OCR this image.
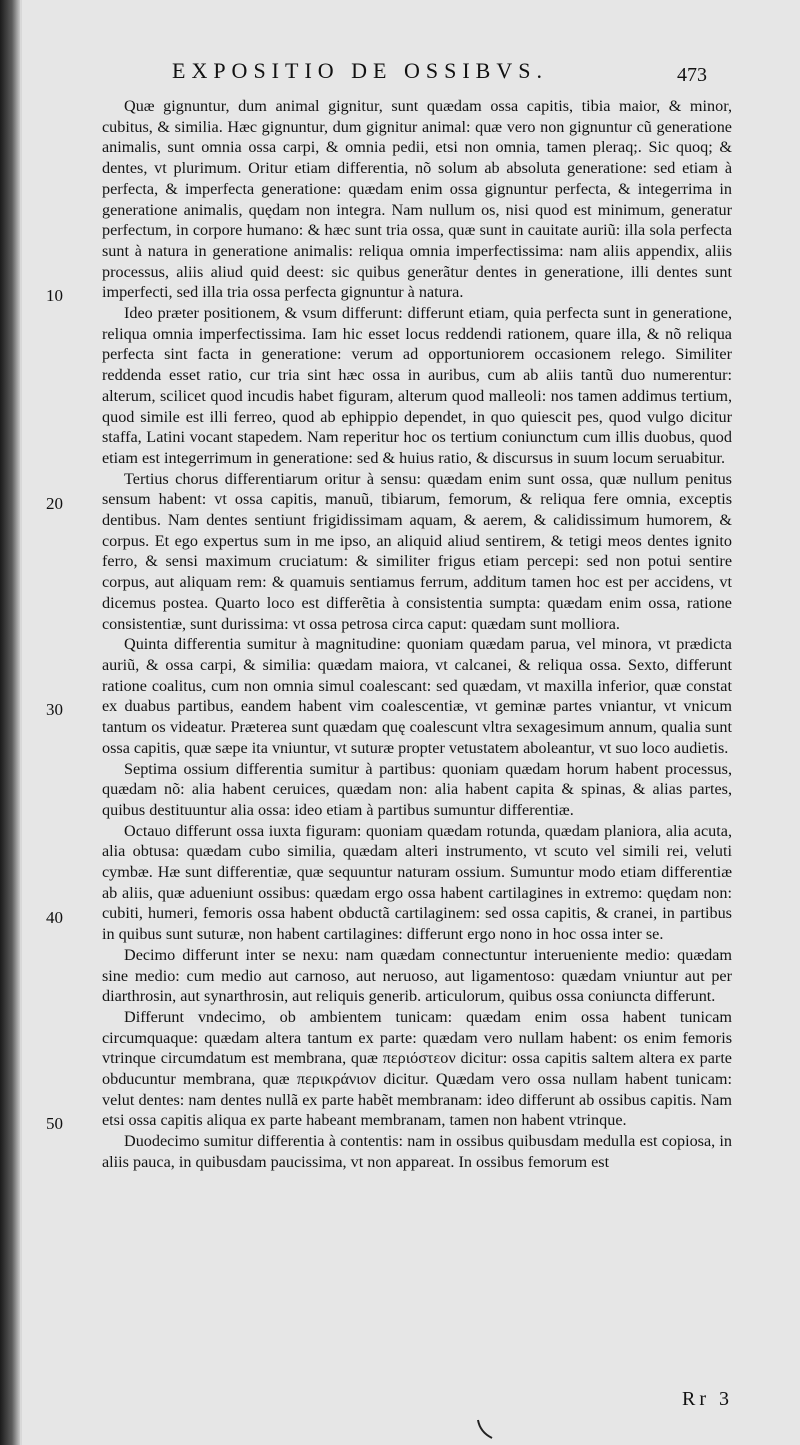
EXPOSITIO DE OSSIBVS.	473
10
20
30
40
50

Quæ gignuntur, dum animal gignitur, sunt quædam ossa capitis, tibia maior, & minor, cubitus, & similia. Hæc gignuntur, dum gignitur animal: quæ vero non gignuntur cũ generatione animalis, sunt omnia ossa carpi, & omnia pedii, etsi non omnia, tamen pleraq;. Sic quoq; & dentes, vt plurimum. Oritur etiam differentia, nõ solum ab absoluta generatione: sed etiam à perfecta, & imperfecta generatione: quædam enim ossa gignuntur perfecta, & integerrima in generatione animalis, quędam non integra. Nam nullum os, nisi quod est minimum, generatur perfectum, in corpore humano: & hæc sunt tria ossa, quæ sunt in cauitate auriũ: illa sola perfecta sunt à natura in generatione animalis: reliqua omnia imperfectissima: nam aliis appendix, aliis processus, aliis aliud quid deest: sic quibus generãtur dentes in generatione, illi dentes sunt imperfecti, sed illa tria ossa perfecta gignuntur à natura.

Ideo præter positionem, & vsum differunt: differunt etiam, quia perfecta sunt in generatione, reliqua omnia imperfectissima. Iam hic esset locus reddendi rationem, quare illa, & nõ reliqua perfecta sint facta in generatione: verum ad opportuniorem occasionem relego. Similiter reddenda esset ratio, cur tria sint hæc ossa in auribus, cum ab aliis tantũ duo numerentur: alterum, scilicet quod incudis habet figuram, alterum quod malleoli: nos tamen addimus tertium, quod simile est illi ferreo, quod ab ephippio dependet, in quo quiescit pes, quod vulgo dicitur staffa, Latini vocant stapedem. Nam reperitur hoc os tertium coniunctum cum illis duobus, quod etiam est integerrimum in generatione: sed & huius ratio, & discursus in suum locum seruabitur.

Tertius chorus differentiarum oritur à sensu: quædam enim sunt ossa, quæ nullum penitus sensum habent: vt ossa capitis, manuũ, tibiarum, femorum, & reliqua fere omnia, exceptis dentibus. Nam dentes sentiunt frigidissimam aquam, & aerem, & calidissimum humorem, & corpus. Et ego expertus sum in me ipso, an aliquid aliud sentirem, & tetigi meos dentes ignito ferro, & sensi maximum cruciatum: & similiter frigus etiam percepi: sed non potui sentire corpus, aut aliquam rem: & quamuis sentiamus ferrum, additum tamen hoc est per accidens, vt dicemus postea. Quarto loco est differẽtia à consistentia sumpta: quædam enim ossa, ratione consistentiæ, sunt durissima: vt ossa petrosa circa caput: quædam sunt molliora.

Quinta differentia sumitur à magnitudine: quoniam quædam parua, vel minora, vt prædicta auriũ, & ossa carpi, & similia: quædam maiora, vt calcanei, & reliqua ossa. Sexto, differunt ratione coalitus, cum non omnia simul coalescant: sed quædam, vt maxilla inferior, quæ constat ex duabus partibus, eandem habent vim coalescentiæ, vt geminæ partes vniantur, vt vnicum tantum os videatur. Præterea sunt quædam quę coalescunt vltra sexagesimum annum, qualia sunt ossa capitis, quæ sæpe ita vniuntur, vt suturæ propter vetustatem aboleantur, vt suo loco audietis.

Septima ossium differentia sumitur à partibus: quoniam quædam horum habent processus, quædam nõ: alia habent ceruices, quædam non: alia habent capita & spinas, & alias partes, quibus destituuntur alia ossa: ideo etiam à partibus sumuntur differentiæ.

Octauo differunt ossa iuxta figuram: quoniam quædam rotunda, quædam planiora, alia acuta, alia obtusa: quædam cubo similia, quædam alteri instrumento, vt scuto vel simili rei, veluti cymbæ. Hæ sunt differentiæ, quæ sequuntur naturam ossium. Sumuntur modo etiam differentiæ ab aliis, quæ adueniunt ossibus: quædam ergo ossa habent cartilagines in extremo: quędam non: cubiti, humeri, femoris ossa habent obductã cartilaginem: sed ossa capitis, & cranei, in partibus in quibus sunt suturæ, non habent cartilagines: differunt ergo nono in hoc ossa inter se.

Decimo differunt inter se nexu: nam quædam connectuntur interueniente medio: quædam sine medio: cum medio aut carnoso, aut neruoso, aut ligamentoso: quædam vniuntur aut per diarthrosin, aut synarthrosin, aut reliquis generib. articulorum, quibus ossa coniuncta differunt.

Differunt vndecimo, ob ambientem tunicam: quædam enim ossa habent tunicam circumquaque: quædam altera tantum ex parte: quædam vero nullam habent: os enim femoris vtrinque circumdatum est membrana, quæ περιόστεον dicitur: ossa capitis saltem altera ex parte obducuntur membrana, quæ περικράνιον dicitur. Quædam vero ossa nullam habent tunicam: velut dentes: nam dentes nullã ex parte habẽt membranam: ideo differunt ab ossibus capitis. Nam etsi ossa capitis aliqua ex parte habeant membranam, tamen non habent vtrinque.

Duodecimo sumitur differentia à contentis: nam in ossibus quibusdam medulla est copiosa, in aliis pauca, in quibusdam paucissima, vt non appareat. In ossibus femorum est

Rr 3
